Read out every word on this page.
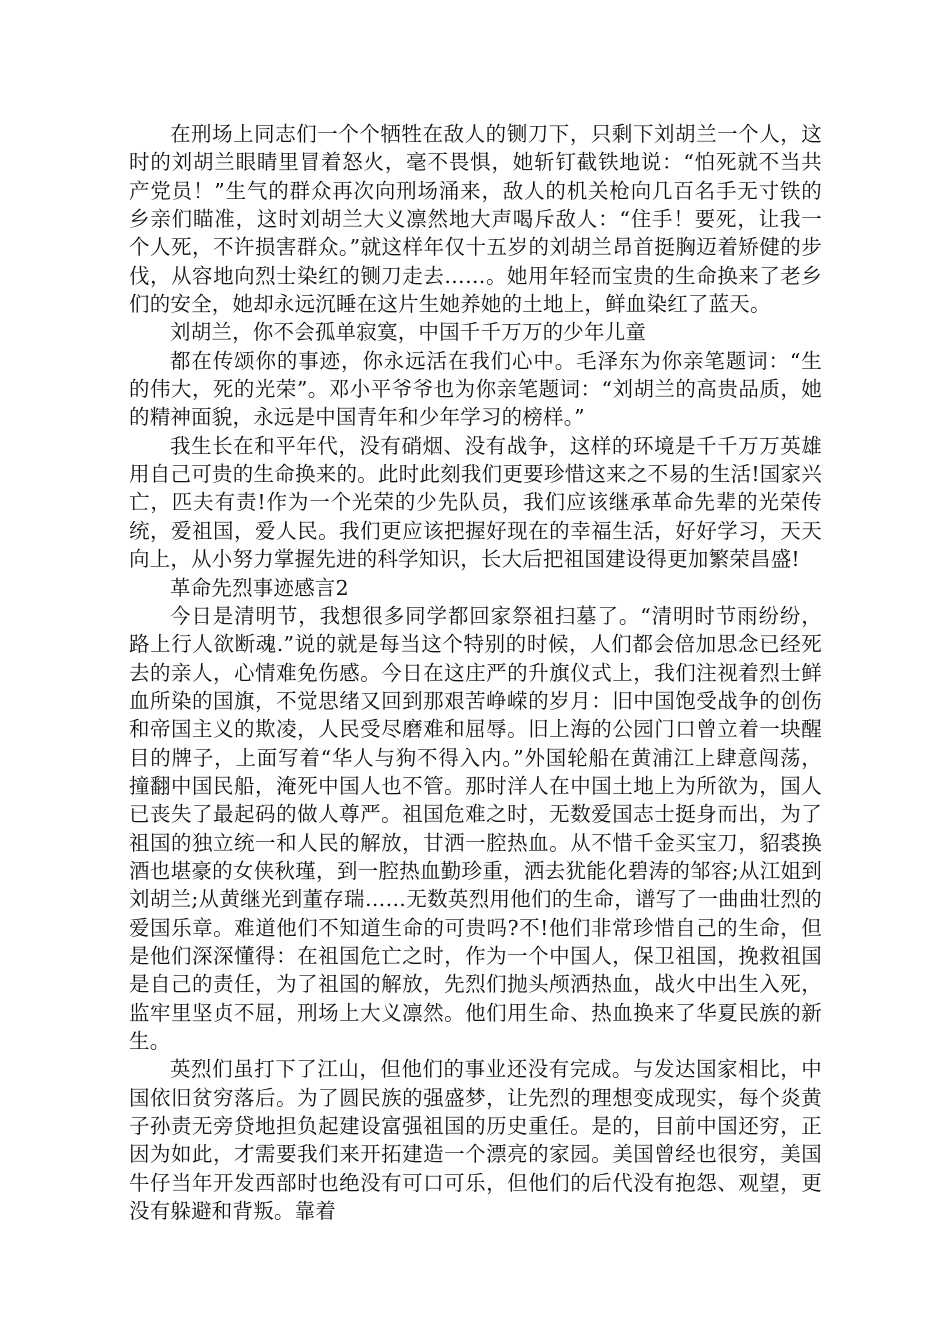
在刑场上同志们一个个牺牲在敌人的铡刀下，只剩下刘胡兰一个人，这时的刘胡兰眼睛里冒着怒火，毫不畏惧，她斩钉截铁地说：“怕死就不当共产党员！”生气的群众再次向刑场涌来，敌人的机关枪向几百名手无寸铁的乡亲们瞄准，这时刘胡兰大义凛然地大声喝斥敌人：“住手！要死，让我一个人死，不许损害群众。”就这样年仅十五岁的刘胡兰昂首挺胸迈着矫健的步伐，从容地向烈士染红的铡刀走去……。她用年轻而宝贵的生命换来了老乡们的安全，她却永远沉睡在这片生她养她的土地上，鲜血染红了蓝天。

刘胡兰，你不会孤单寂寞，中国千千万万的少年儿童

都在传颂你的事迹，你永远活在我们心中。毛泽东为你亲笔题词：“生的伟大，死的光荣”。邓小平爷爷也为你亲笔题词：“刘胡兰的高贵品质，她的精神面貌，永远是中国青年和少年学习的榜样。”

我生长在和平年代，没有硝烟、没有战争，这样的环境是千千万万英雄用自己可贵的生命换来的。此时此刻我们更要珍惜这来之不易的生活!国家兴亡，匹夫有责!作为一个光荣的少先队员，我们应该继承革命先辈的光荣传统，爱祖国，爱人民。我们更应该把握好现在的幸福生活，好好学习，天天向上，从小努力掌握先进的科学知识，长大后把祖国建设得更加繁荣昌盛!

革命先烈事迹感言2

今日是清明节，我想很多同学都回家祭祖扫墓了。“清明时节雨纷纷，路上行人欲断魂.”说的就是每当这个特别的时候，人们都会倍加思念已经死去的亲人，心情难免伤感。今日在这庄严的升旗仪式上，我们注视着烈士鲜血所染的国旗，不觉思绪又回到那艰苦峥嵘的岁月：旧中国饱受战争的创伤和帝国主义的欺凌，人民受尽磨难和屈辱。旧上海的公园门口曾立着一块醒目的牌子，上面写着“华人与狗不得入内。”外国轮船在黄浦江上肆意闯荡，撞翻中国民船，淹死中国人也不管。那时洋人在中国土地上为所欲为，国人已丧失了最起码的做人尊严。祖国危难之时，无数爱国志士挺身而出，为了祖国的独立统一和人民的解放，甘洒一腔热血。从不惜千金买宝刀，貂裘换酒也堪豪的女侠秋瑾，到一腔热血勤珍重，洒去犹能化碧涛的邹容;从江姐到刘胡兰;从黄继光到董存瑞……无数英烈用他们的生命，谱写了一曲曲壮烈的爱国乐章。难道他们不知道生命的可贵吗?不!他们非常珍惜自己的生命，但是他们深深懂得：在祖国危亡之时，作为一个中国人，保卫祖国，挽救祖国是自己的责任，为了祖国的解放，先烈们抛头颅洒热血，战火中出生入死，监牢里坚贞不屈，刑场上大义凛然。他们用生命、热血换来了华夏民族的新生。

英烈们虽打下了江山，但他们的事业还没有完成。与发达国家相比，中国依旧贫穷落后。为了圆民族的强盛梦，让先烈的理想变成现实，每个炎黄子孙责无旁贷地担负起建设富强祖国的历史重任。是的，目前中国还穷，正因为如此，才需要我们来开拓建造一个漂亮的家园。美国曾经也很穷，美国牛仔当年开发西部时也绝没有可口可乐，但他们的后代没有抱怨、观望，更没有躲避和背叛。靠着
